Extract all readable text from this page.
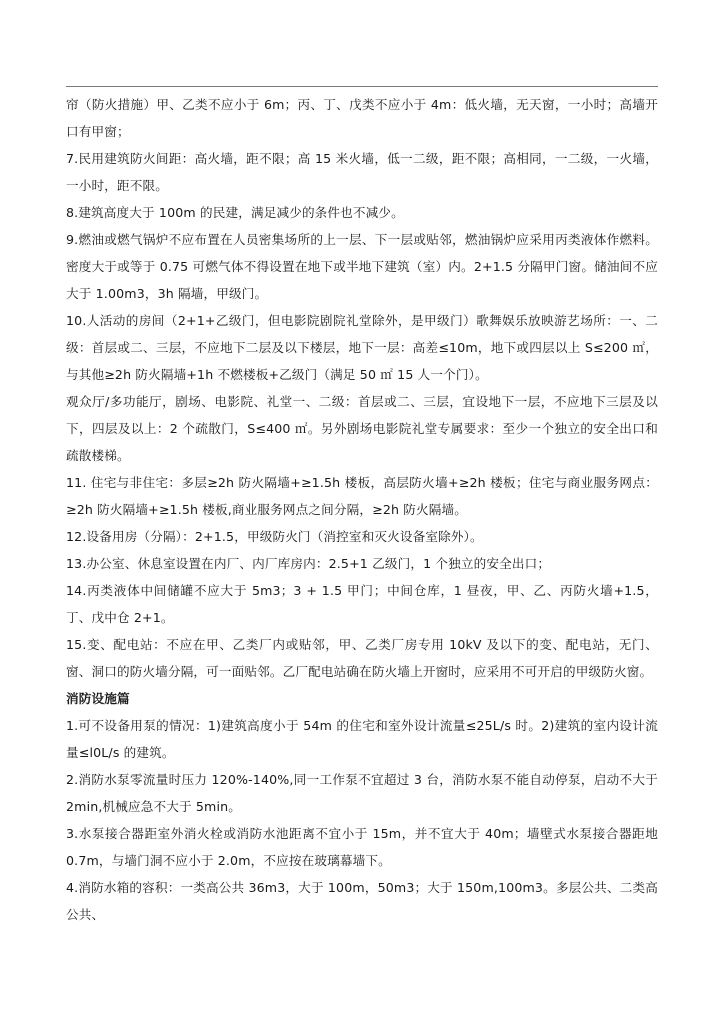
帘（防火措施）甲、乙类不应小于 6m；丙、丁、戊类不应小于 4m：低火墙，无天窗，一小时；高墙开口有甲窗；

7.民用建筑防火间距：高火墙，距不限；高 15 米火墙，低一二级，距不限；高相同，一二级，一火墙，一小时，距不限。

8.建筑高度大于 100m 的民建，满足减少的条件也不减少。

9.燃油或燃气锅炉不应布置在人员密集场所的上一层、下一层或贴邻，燃油锅炉应采用丙类液体作燃料。密度大于或等于 0.75 可燃气体不得设置在地下或半地下建筑（室）内。2+1.5 分隔甲门窗。储油间不应大于 1.00m3，3h 隔墙，甲级门。

10.人活动的房间（2+1+乙级门，但电影院剧院礼堂除外，是甲级门）歌舞娱乐放映游艺场所：一、二级：首层或二、三层，不应地下二层及以下楼层，地下一层：高差≤10m，地下或四层以上 S≤200 ㎡，与其他≥2h 防火隔墙+1h 不燃楼板+乙级门（满足 50 ㎡ 15 人一个门）。

观众厅/多功能厅，剧场、电影院、礼堂一、二级：首层或二、三层，宜设地下一层，不应地下三层及以下，四层及以上：2 个疏散门，S≤400 ㎡。另外剧场电影院礼堂专属要求：至少一个独立的安全出口和疏散楼梯。

11. 住宅与非住宅：多层≥2h 防火隔墙+≥1.5h 楼板，高层防火墙+≥2h 楼板；住宅与商业服务网点：≥2h 防火隔墙+≥1.5h 楼板,商业服务网点之间分隔，≥2h 防火隔墙。

12.设备用房（分隔）：2+1.5，甲级防火门（消控室和灭火设备室除外）。

13.办公室、休息室设置在内厂、内厂库房内：2.5+1 乙级门，1 个独立的安全出口；

14.丙类液体中间储罐不应大于 5m3；3 + 1.5 甲门；中间仓库，1 昼夜，甲、乙、丙防火墙+1.5，丁、戊中仓 2+1。

15.变、配电站：不应在甲、乙类厂内或贴邻，甲、乙类厂房专用 10kV 及以下的变、配电站，无门、窗、洞口的防火墙分隔，可一面贴邻。乙厂配电站确在防火墙上开窗时，应采用不可开启的甲级防火窗。

消防设施篇

1.可不设备用泵的情况：1)建筑高度小于 54m 的住宅和室外设计流量≤25L/s 时。2)建筑的室内设计流量≤l0L/s 的建筑。

2.消防水泵零流量时压力 120%-140%,同一工作泵不宜超过 3 台，消防水泵不能自动停泵，启动不大于 2min,机械应急不大于 5min。

3.水泵接合器距室外消火栓或消防水池距离不宜小于 15m，并不宜大于 40m；墙壁式水泵接合器距地 0.7m，与墙门洞不应小于 2.0m，不应按在玻璃幕墙下。

4.消防水箱的容积：一类高公共 36m3，大于 100m，50m3；大于 150m,100m3。多层公共、二类高公共、
